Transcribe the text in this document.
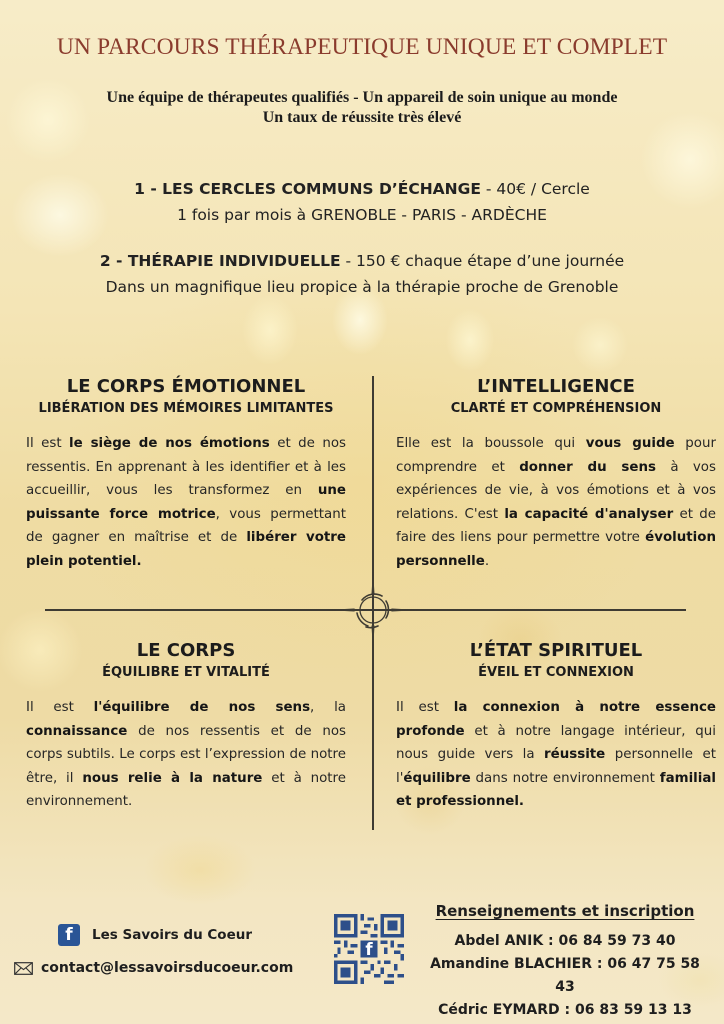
UN PARCOURS THÉRAPEUTIQUE UNIQUE ET COMPLET
Une équipe de thérapeutes qualifiés - Un appareil de soin unique au monde
Un taux de réussite très élevé
1 - LES CERCLES COMMUNS D’ÉCHANGE - 40€ / Cercle
1 fois par mois à GRENOBLE - PARIS - ARDÈCHE
2 - THÉRAPIE INDIVIDUELLE - 150 € chaque étape d’une journée
Dans un magnifique lieu propice à la thérapie proche de Grenoble
LE CORPS ÉMOTIONNEL
LIBÉRATION DES MÉMOIRES LIMITANTES
Il est le siège de nos émotions et de nos ressentis. En apprenant à les identifier et à les accueillir, vous les transformez en une puissante force motrice, vous permettant de gagner en maîtrise et de libérer votre plein potentiel.
L’INTELLIGENCE
CLARTÉ ET COMPRÉHENSION
Elle est la boussole qui vous guide pour comprendre et donner du sens à vos expériences de vie, à vos émotions et à vos relations. C'est la capacité d'analyser et de faire des liens pour permettre votre évolution personnelle.
LE CORPS
ÉQUILIBRE ET VITALITÉ
Il est l'équilibre de nos sens, la connaissance de nos ressentis et de nos corps subtils. Le corps est l’expression de notre être, il nous relie à la nature et à notre environnement.
L’ÉTAT SPIRITUEL
ÉVEIL ET CONNEXION
Il est la connexion à notre essence profonde et à notre langage intérieur, qui nous guide vers la réussite personnelle et l'équilibre dans notre environnement familial et professionnel.
f	Les Savoirs du Coeur
contact@lessavoirsducoeur.com
f
Renseignements et inscription
Abdel ANIK : 06 84 59 73 40
Amandine BLACHIER : 06 47 75 58 43
Cédric EYMARD : 06 83 59 13 13
